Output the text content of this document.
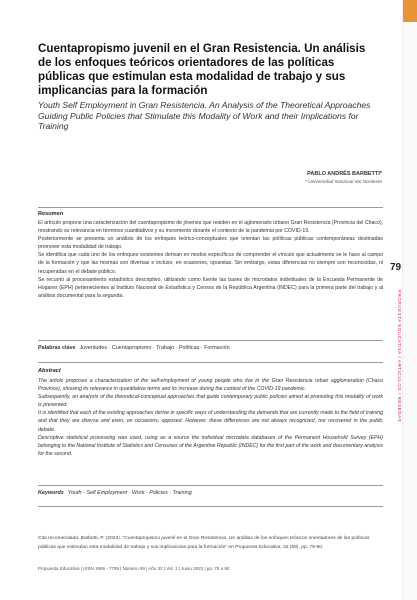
79
PROPUESTA EDUCATIVA / ARTÍCULOS / RESEÑAS
Cuentapropismo juvenil en el Gran Resistencia. Un análisis de los enfoques teóricos orientadores de las políticas públicas que estimulan esta modalidad de trabajo y sus implicancias para la formación
Youth Self Employment in Gran Resistencia. An Analysis of the Theoretical Approaches Guiding Public Policies that Stimulate this Modality of Work and their Implications for Training
PABLO ANDRÉS BARBETTI*
* Universidad Nacional del Nordeste
Resumen

El artículo propone una caracterización del cuentapropismo de jóvenes que residen en el aglomerado urbano Gran Resistencia (Provincia del Chaco), mostrando su relevancia en términos cuantitativos y su incremento durante el contexto de la pandemia por COVID-19.

Posteriormente se presenta un análisis de los enfoques teórico-conceptuales que orientan las políticas públicas contemporáneas destinadas promover esta modalidad de trabajo.

Se identifica que cada uno de los enfoques existentes derivan en modos específicos de comprender el vínculo que actualmente se le hace al campo de la formación y que las mismas son diversas e incluso, en ocasiones, opuestas. Sin embargo, estas diferencias no siempre son reconocidas, ni recuperadas en el debate público.

Se recurrió al procesamiento estadístico descriptivo, utilizando como fuente las bases de microdatos individuales de la Encuesta Permanente de Hogares (EPH) pertenecientes al Instituto Nacional de Estadística y Censos de la República Argentina (INDEC) para la primera parte del trabajo y al análisis documental para la segunda.

Palabras clave Juventudes · Cuentapropismo · Trabajo · Políticas · Formación
Abstract

The article proposes a characterization of the self-employment of young people who live in the Gran Resistencia urban agglomeration (Chaco Province), showing its relevance in quantitative terms and its increase during the context of the COVID-19 pandemic.

Subsequently, an analysis of the theoretical-conceptual approaches that guide contemporary public policies aimed at promoting this modality of work is presented.

It is identified that each of the existing approaches derive in specific ways of understanding the demands that are currently made to the field of training and that they are diverse and even, on occasions, opposed. However, these differences are not always recognized, nor recovered in the public debate.

Descriptive statistical processing was used, using as a source the individual microdata databases of the Permanent Household Survey (EPH) belonging to the National Institute of Statistics and Censuses of the Argentine Republic (INDEC) for the first part of the work and documentary analysis for the second.

Keywords Youth · Self Employment · Work · Policies · Training
Cita recomendada: Barbetti, P. (2023). "Cuentapropismo juvenil en el Gran Resistencia. Un análisis de los enfoques teóricos orientadores de las políticas públicas que estimulan esta modalidad de trabajo y sus implicancias para la formación" en Propuesta Educativa, 32 (59), pp. 79-90.
Propuesta Educativa | ISSN 1995 - 7785 | Número 59 | Año 32 | Vol. 1 | Junio 2023 | pp. 79 a 90
